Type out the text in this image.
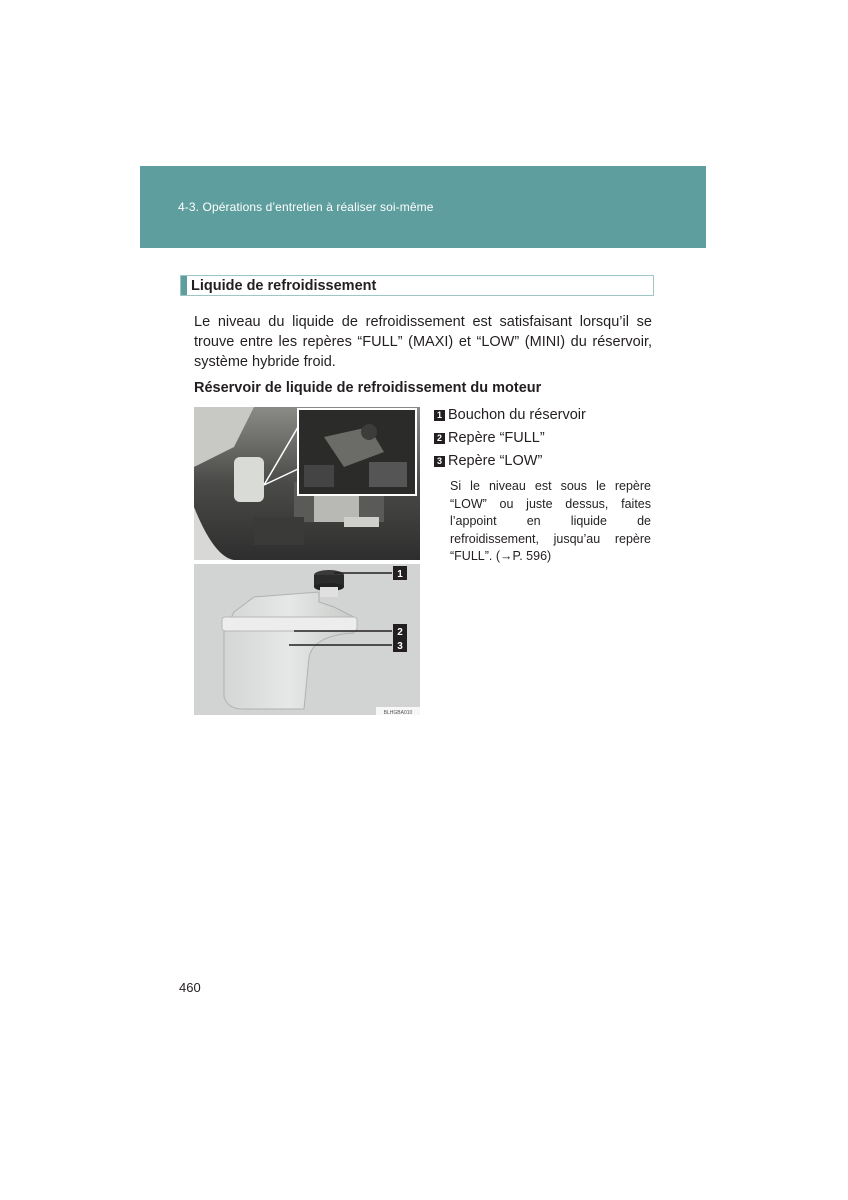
4-3. Opérations d’entretien à réaliser soi-même
Liquide de refroidissement
Le niveau du liquide de refroidissement est satisfaisant lorsqu’il se trouve entre les repères “FULL” (MAXI) et “LOW” (MINI) du réservoir, système hybride froid.
Réservoir de liquide de refroidissement du moteur
1
2
3
BLHGBA010
1 Bouchon du réservoir
2 Repère “FULL”
3 Repère “LOW”
Si le niveau est sous le repère “LOW” ou juste dessus, faites l’appoint en liquide de refroidissement, jusqu’au repère “FULL”. (→P. 596)
460
